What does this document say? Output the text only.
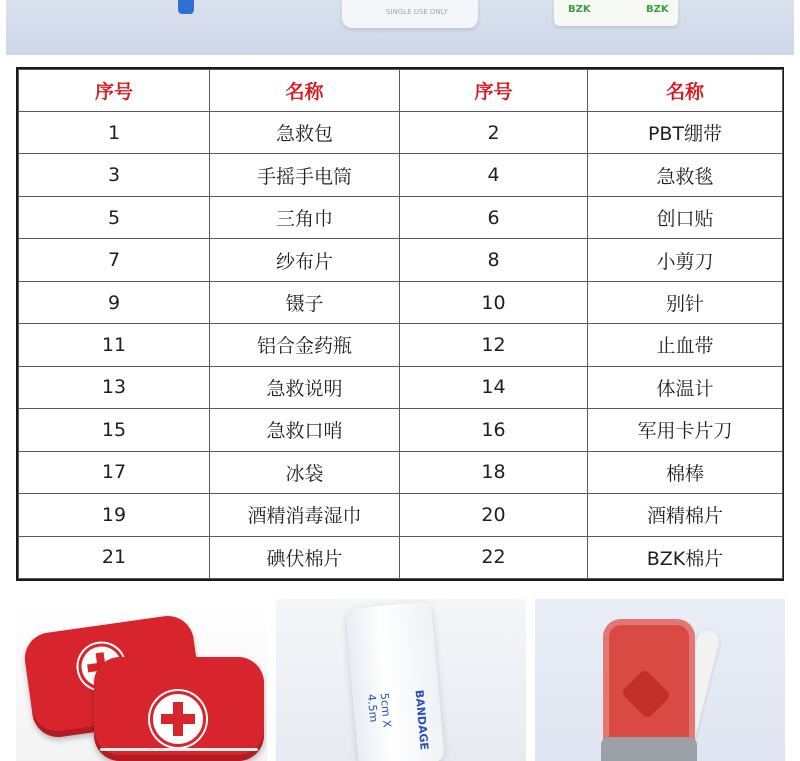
SINGLE USE ONLY	BZK	BZK
序号	名称	序号	名称
1	急救包	2	PBT绷带
3	手摇手电筒	4	急救毯
5	三角巾	6	创口贴
7	纱布片	8	小剪刀
9	镊子	10	别针
11	铝合金药瓶	12	止血带
13	急救说明	14	体温计
15	急救口哨	16	军用卡片刀
17	冰袋	18	棉棒
19	酒精消毒湿巾	20	酒精棉片
21	碘伏棉片	22	BZK棉片
BANDAGE
5cm X 4.5m
